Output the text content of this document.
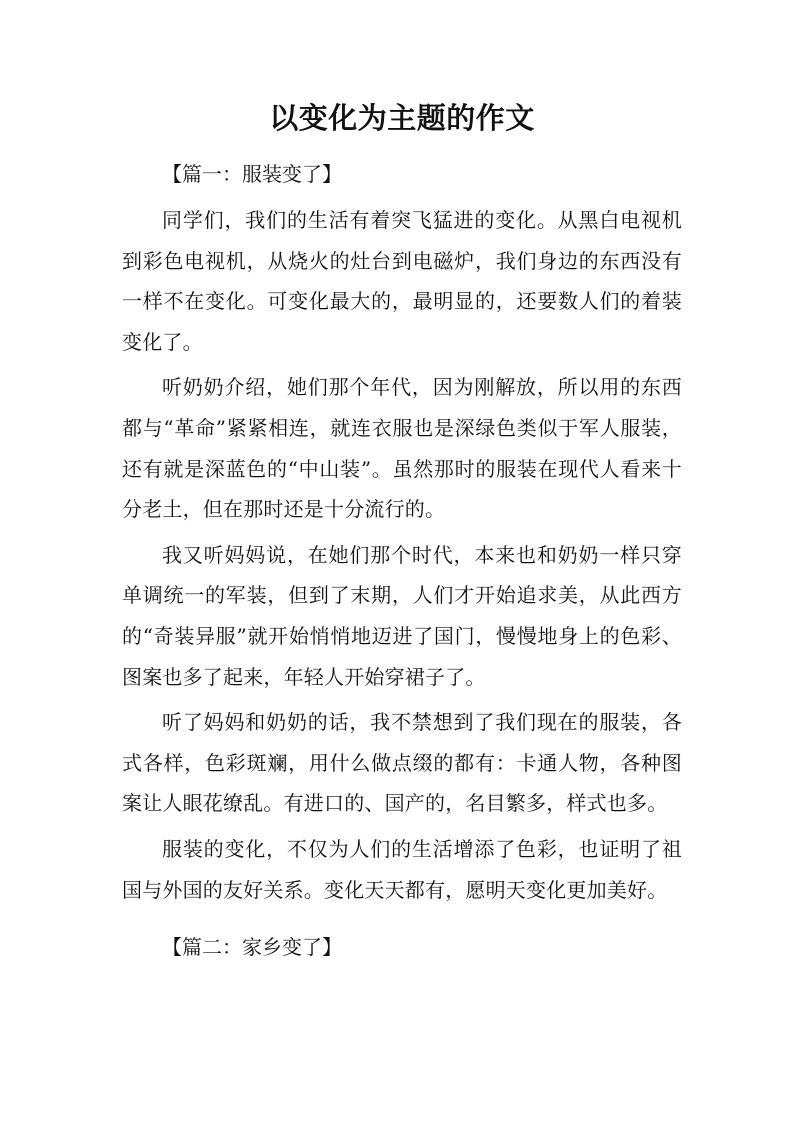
以变化为主题的作文
【篇一：服装变了】

同学们，我们的生活有着突飞猛进的变化。从黑白电视机到彩色电视机，从烧火的灶台到电磁炉，我们身边的东西没有一样不在变化。可变化最大的，最明显的，还要数人们的着装变化了。

听奶奶介绍，她们那个年代，因为刚解放，所以用的东西都与“革命”紧紧相连，就连衣服也是深绿色类似于军人服装，还有就是深蓝色的“中山装”。虽然那时的服装在现代人看来十分老土，但在那时还是十分流行的。

我又听妈妈说，在她们那个时代，本来也和奶奶一样只穿单调统一的军装，但到了末期，人们才开始追求美，从此西方的“奇装异服”就开始悄悄地迈进了国门，慢慢地身上的色彩、图案也多了起来，年轻人开始穿裙子了。

听了妈妈和奶奶的话，我不禁想到了我们现在的服装，各式各样，色彩斑斓，用什么做点缀的都有：卡通人物，各种图案让人眼花缭乱。有进口的、国产的，名目繁多，样式也多。

服装的变化，不仅为人们的生活增添了色彩，也证明了祖国与外国的友好关系。变化天天都有，愿明天变化更加美好。

【篇二：家乡变了】
